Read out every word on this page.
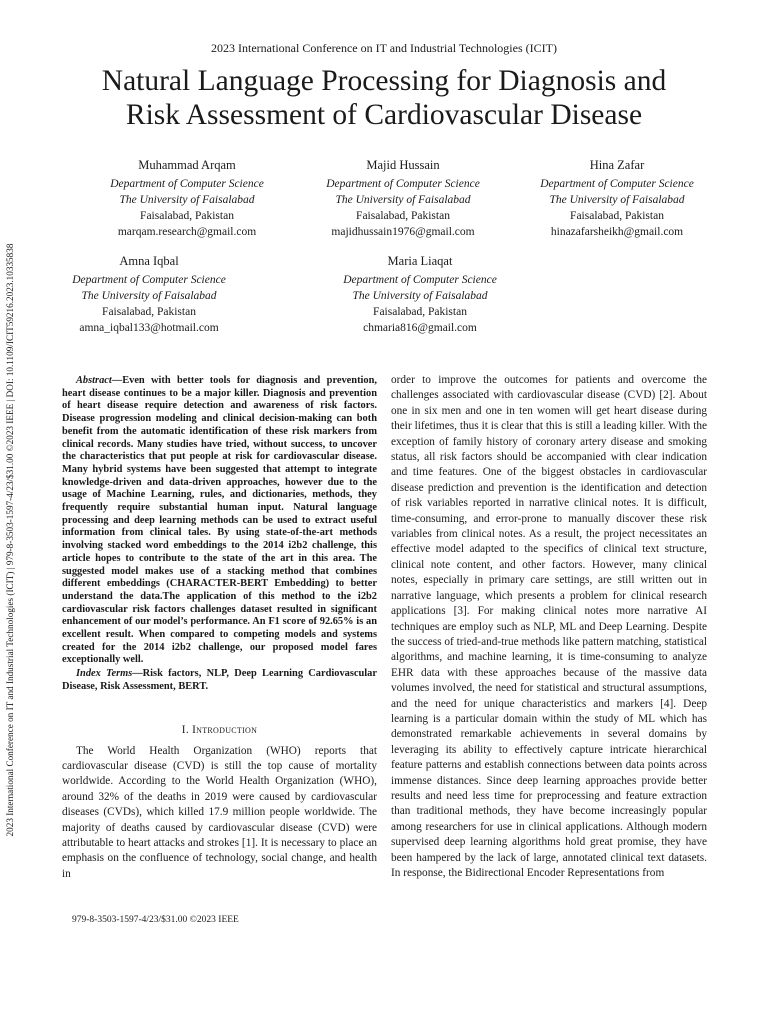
2023 International Conference on IT and Industrial Technologies (ICIT)
Natural Language Processing for Diagnosis and
Risk Assessment of Cardiovascular Disease
Muhammad Arqam
Department of Computer Science
The University of Faisalabad
Faisalabad, Pakistan
marqam.research@gmail.com
Majid Hussain
Department of Computer Science
The University of Faisalabad
Faisalabad, Pakistan
majidhussain1976@gmail.com
Hina Zafar
Department of Computer Science
The University of Faisalabad
Faisalabad, Pakistan
hinazafarsheikh@gmail.com
Amna Iqbal
Department of Computer Science
The University of Faisalabad
Faisalabad, Pakistan
amna_iqbal133@hotmail.com
Maria Liaqat
Department of Computer Science
The University of Faisalabad
Faisalabad, Pakistan
chmaria816@gmail.com
2023 International Conference on IT and Industrial Technologies (ICIT) | 979-8-3503-1597-4/23/$31.00 ©2023 IEEE | DOI: 10.1109/ICIT59216.2023.10335838	Abstract—Even with better tools for diagnosis and prevention, heart disease continues to be a major killer. Diagnosis and prevention of heart disease require detection and awareness of risk factors. Disease progression modeling and clinical decision-making can both benefit from the automatic identification of these risk markers from clinical records. Many studies have tried, without success, to uncover the characteristics that put people at risk for cardiovascular disease. Many hybrid systems have been suggested that attempt to integrate knowledge-driven and data-driven approaches, however due to the usage of Machine Learning, rules, and dictionaries, methods, they frequently require substantial human input. Natural language processing and deep learning methods can be used to extract useful information from clinical tales. By using state-of-the-art methods involving stacked word embeddings to the 2014 i2b2 challenge, this article hopes to contribute to the state of the art in this area. The suggested model makes use of a stacking method that combines different embeddings (CHARACTER-BERT Embedding) to better understand the data.The application of this method to the i2b2 cardiovascular risk factors challenges dataset resulted in significant enhancement of our model’s performance. An F1 score of 92.65% is an excellent result. When compared to competing models and systems created for the 2014 i2b2 challenge, our proposed model fares exceptionally well.
Index Terms—Risk factors, NLP, Deep Learning Cardiovascular Disease, Risk Assessment, BERT.
I. Introduction
The World Health Organization (WHO) reports that cardiovascular disease (CVD) is still the top cause of mortality worldwide. According to the World Health Organization (WHO), around 32% of the deaths in 2019 were caused by cardiovascular diseases (CVDs), which killed 17.9 million people worldwide. The majority of deaths caused by cardiovascular disease (CVD) were attributable to heart attacks and strokes [1]. It is necessary to place an emphasis on the confluence of technology, social change, and health in
979-8-3503-1597-4/23/$31.00 ©2023 IEEE
order to improve the outcomes for patients and overcome the challenges associated with cardiovascular disease (CVD) [2]. About one in six men and one in ten women will get heart disease during their lifetimes, thus it is clear that this is still a leading killer. With the exception of family history of coronary artery disease and smoking status, all risk factors should be accompanied with clear indication and time features. One of the biggest obstacles in cardiovascular disease prediction and prevention is the identification and detection of risk variables reported in narrative clinical notes. It is difficult, time-consuming, and error-prone to manually discover these risk variables from clinical notes. As a result, the project necessitates an effective model adapted to the specifics of clinical text structure, clinical note content, and other factors. However, many clinical notes, especially in primary care settings, are still written out in narrative language, which presents a problem for clinical research applications [3]. For making clinical notes more narrative AI techniques are employ such as NLP, ML and Deep Learning. Despite the success of tried-and-true methods like pattern matching, statistical algorithms, and machine learning, it is time-consuming to analyze EHR data with these approaches because of the massive data volumes involved, the need for statistical and structural assumptions, and the need for unique characteristics and markers [4]. Deep learning is a particular domain within the study of ML which has demonstrated remarkable achievements in several domains by leveraging its ability to effectively capture intricate hierarchical feature patterns and establish connections between data points across immense distances. Since deep learning approaches provide better results and need less time for preprocessing and feature extraction than traditional methods, they have become increasingly popular among researchers for use in clinical applications. Although modern supervised deep learning algorithms hold great promise, they have been hampered by the lack of large, annotated clinical text datasets. In response, the Bidirectional Encoder Representations from
